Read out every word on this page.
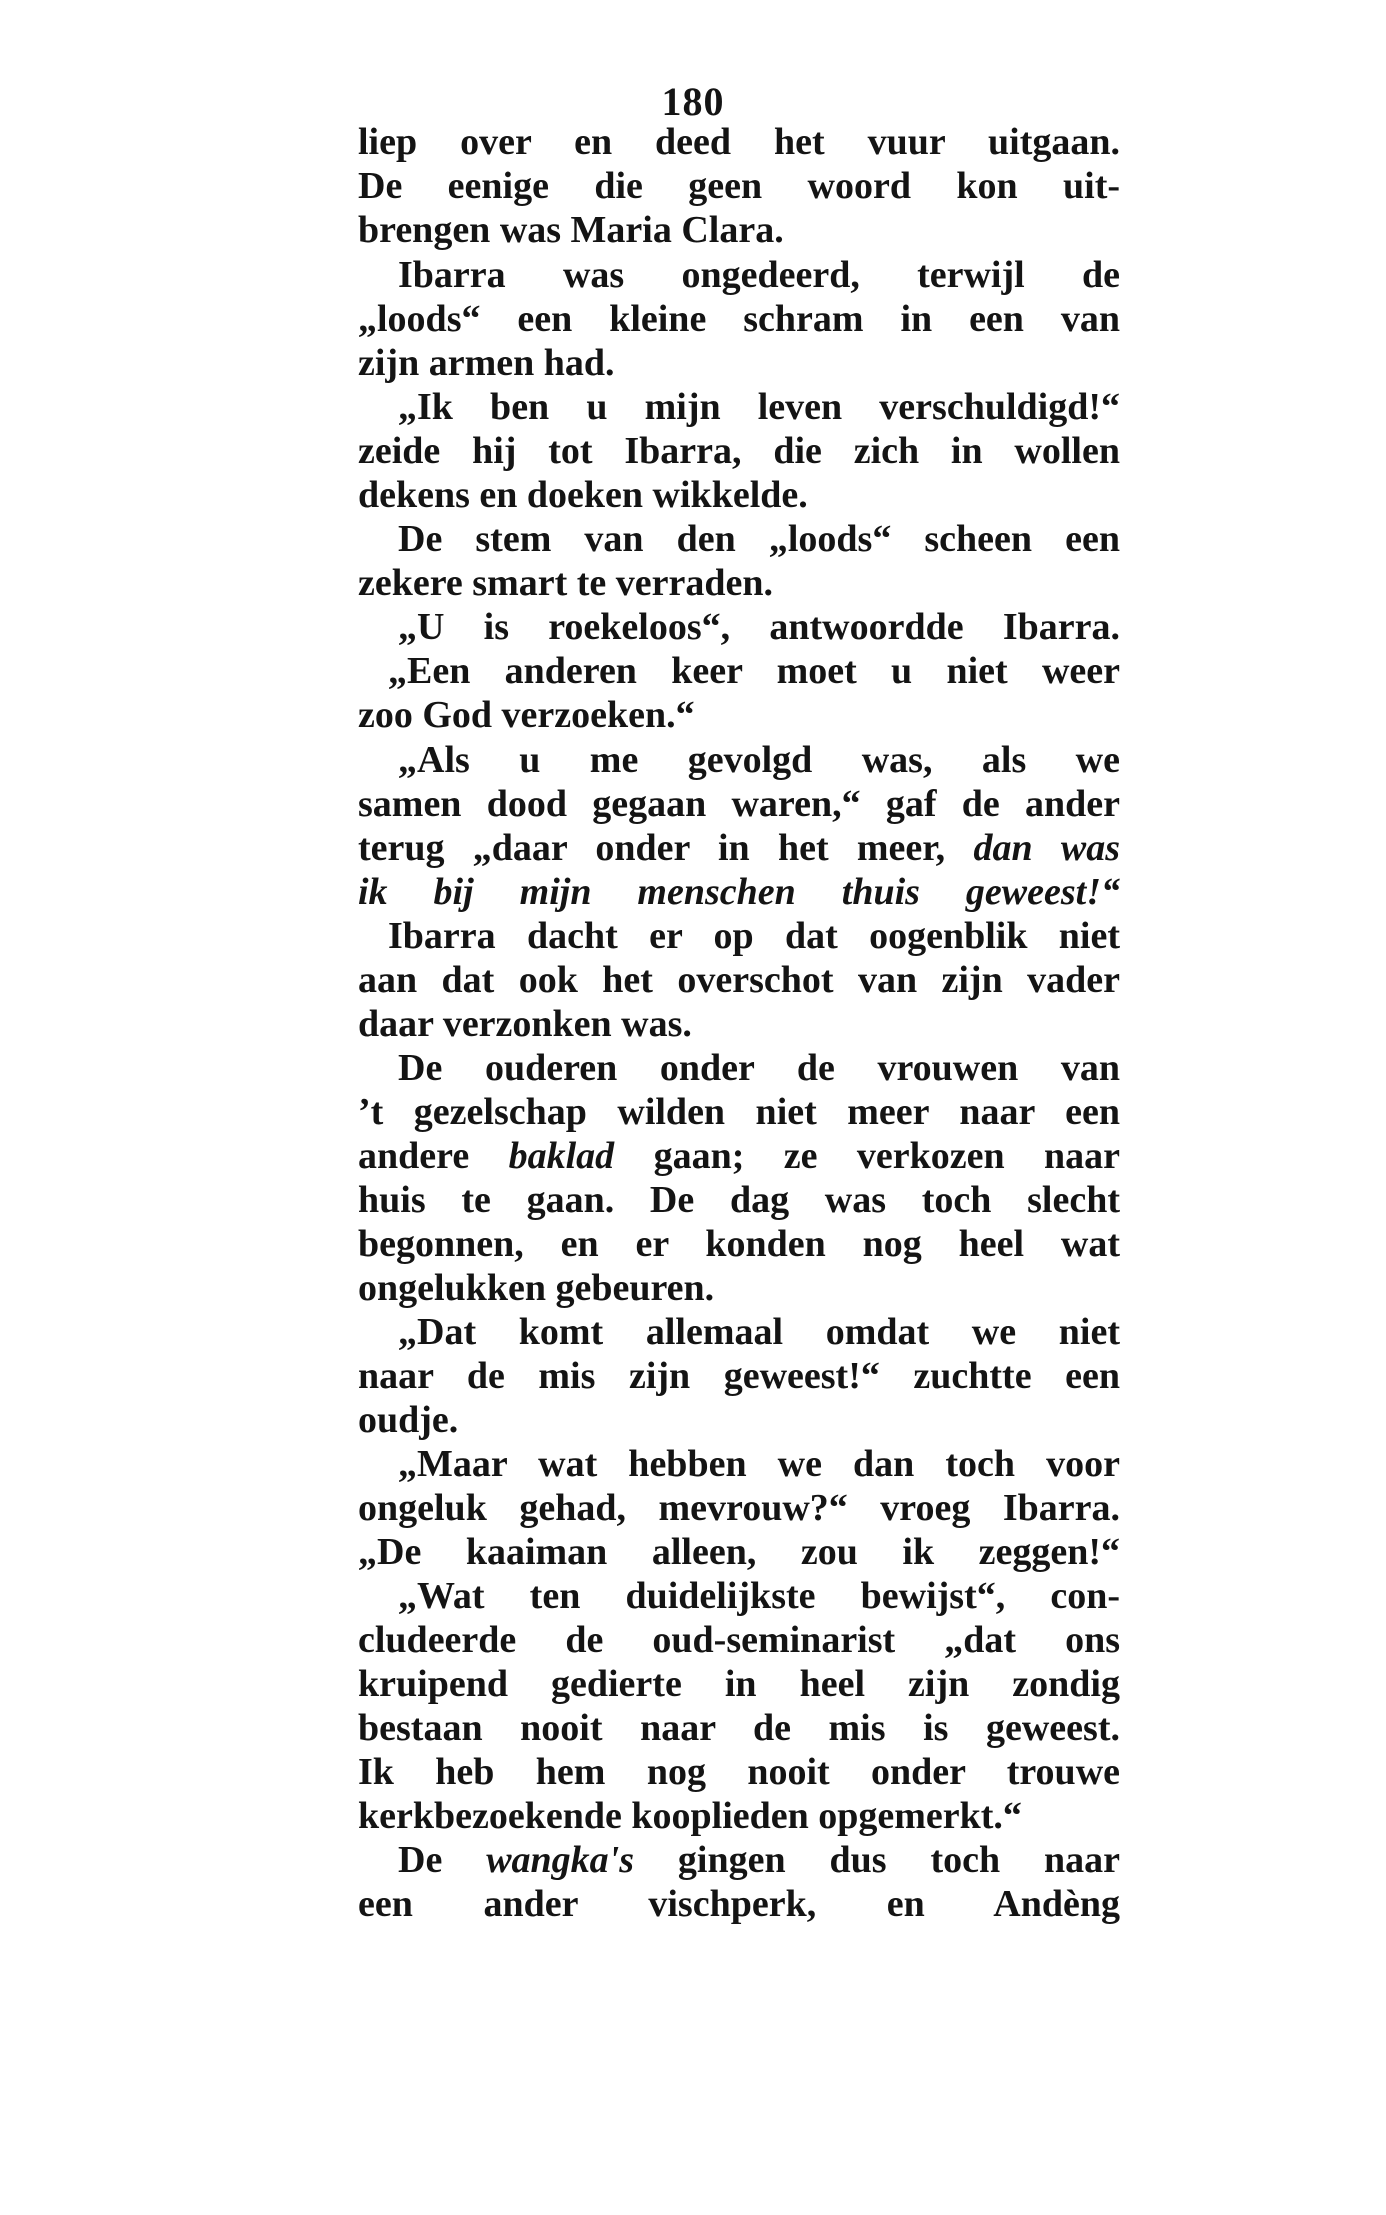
180
liep over en deed het vuur uitgaan.
De eenige die geen woord kon uit-
brengen was Maria Clara.
Ibarra was ongedeerd, terwijl de
„loods“ een kleine schram in een van
zijn armen had.
„Ik ben u mijn leven verschuldigd!“
zeide hij tot Ibarra, die zich in wollen
dekens en doeken wikkelde.
De stem van den „loods“ scheen een
zekere smart te verraden.
„U is roekeloos“, antwoordde Ibarra.
„Een anderen keer moet u niet weer
zoo God verzoeken.“
„Als u me gevolgd was, als we
samen dood gegaan waren,“ gaf de ander
terug „daar onder in het meer, dan was
ik bij mijn menschen thuis geweest!“
Ibarra dacht er op dat oogenblik niet
aan dat ook het overschot van zijn vader
daar verzonken was.
De ouderen onder de vrouwen van
’t gezelschap wilden niet meer naar een
andere baklad gaan; ze verkozen naar
huis te gaan. De dag was toch slecht
begonnen, en er konden nog heel wat
ongelukken gebeuren.
„Dat komt allemaal omdat we niet
naar de mis zijn geweest!“ zuchtte een
oudje.
„Maar wat hebben we dan toch voor
ongeluk gehad, mevrouw?“ vroeg Ibarra.
„De kaaiman alleen, zou ik zeggen!“
„Wat ten duidelijkste bewijst“, con-
cludeerde de oud-seminarist „dat ons
kruipend gedierte in heel zijn zondig
bestaan nooit naar de mis is geweest.
Ik heb hem nog nooit onder trouwe
kerkbezoekende kooplieden opgemerkt.“
De wangka's gingen dus toch naar
een ander vischperk, en Andèng
